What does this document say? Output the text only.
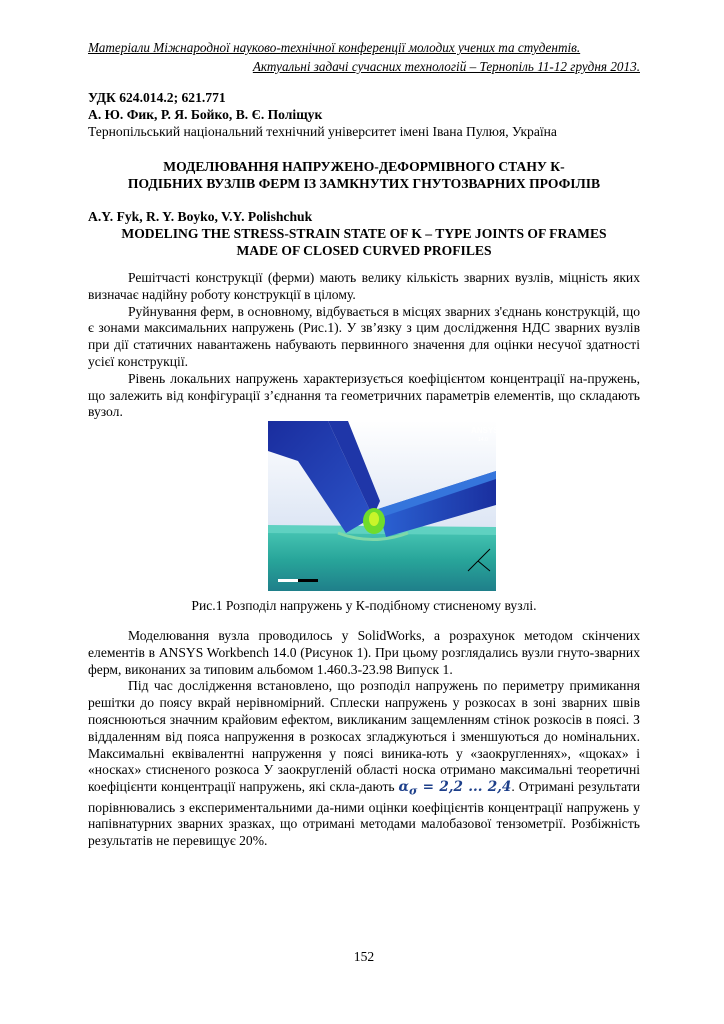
Матеріали Міжнародної науково-технічної конференції молодих учених та студентів.
Актуальні задачі сучасних технологій – Тернопіль 11-12 грудня 2013.
УДК 624.014.2; 621.771
А. Ю. Фик, Р. Я. Бойко, В. Є. Поліщук
Тернопільський національний технічний університет імені Івана Пулюя, Україна
МОДЕЛЮВАННЯ НАПРУЖЕНО-ДЕФОРМІВНОГО СТАНУ К-
ПОДІБНИХ ВУЗЛІВ ФЕРМ ІЗ ЗАМКНУТИХ ГНУТОЗВАРНИХ ПРОФІЛІВ
A.Y. Fyk, R. Y. Boyko, V.Y. Polishchuk
MODELING THE STRESS-STRAIN STATE OF K – TYPE JOINTS OF FRAMES
MADE OF CLOSED CURVED PROFILES

Решітчасті конструкції (ферми) мають велику кількість зварних вузлів, міцність яких визначає надійну роботу конструкції в цілому.

Руйнування ферм, в основному, відбувається в місцях зварних з'єднань конструкцій, що є зонами максимальних напружень (Рис.1). У зв’язку з цим дослідження НДС зварних вузлів при дії статичних навантажень набувають первинного значення для оцінки несучої здатності усієї конструкції.

Рівень локальних напружень характеризується коефіцієнтом концентрації на-пружень, що залежить від конфігурації з’єднання та геометричних параметрів елементів, що складають вузол.

ANSYS
14.0
Рис.1 Розподіл напружень у К-подібному стисненому вузлі.

Моделювання вузла проводилось у SolidWorks, а розрахунок методом скінчених елементів в ANSYS Workbench 14.0 (Рисунок 1). При цьому розглядались вузли гнуто-зварних ферм, виконаних за типовим альбомом 1.460.3-23.98 Випуск 1.

Під час дослідження встановлено, що розподіл напружень по периметру примикання решітки до поясу вкрай нерівномірний. Сплески напружень у розкосах в зоні зварних швів пояснюються значним крайовим ефектом, викликаним защемленням стінок розкосів в поясі. З віддаленням від пояса напруження в розкосах згладжуються і зменшуються до номінальних. Максимальні еквівалентні напруження у поясі виника-ють у «заокругленнях», «щоках» і «носках» стисненого розкоса У заокругленій області носка отримано максимальні теоретичні коефіцієнти концентрації напружень, які скла-дають $\alpha_\sigma = 2,2$ ... 2,4. Отримані результати порівнювались з експериментальними да-ними оцінки коефіцієнтів концентрації напружень у напівнатурних зварних зразках, що отримані методами малобазової тензометрії. Розбіжність результатів не перевищує 20%.

152
